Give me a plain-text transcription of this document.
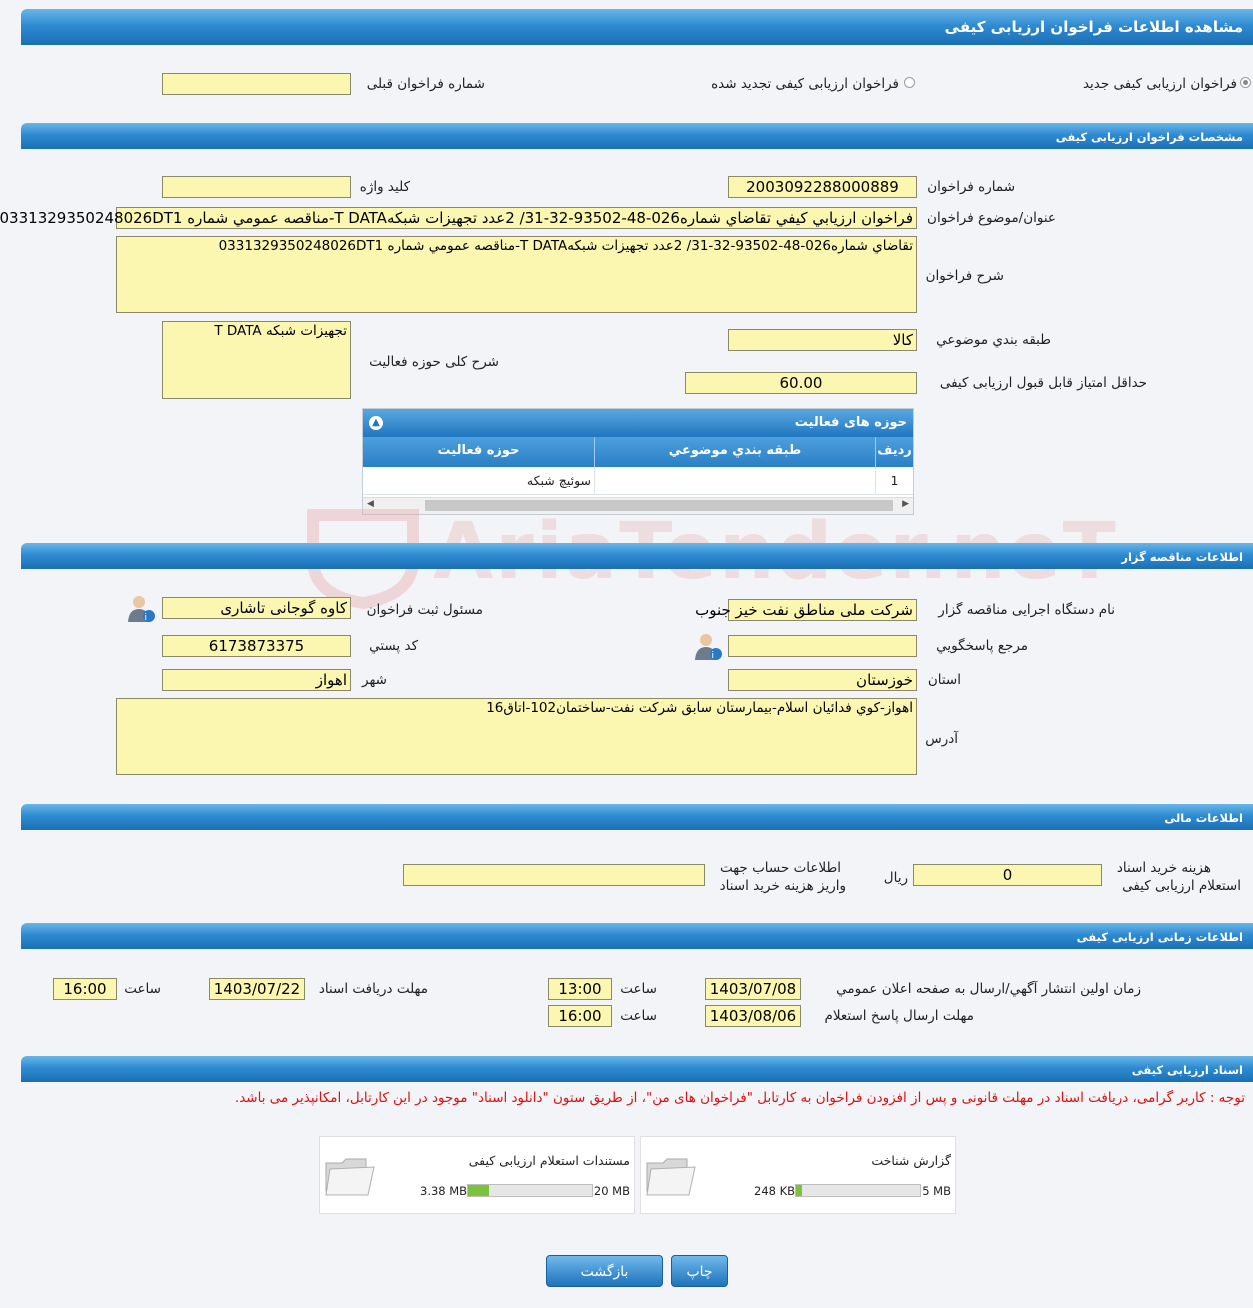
مشاهده اطلاعات فراخوان ارزیابی کیفی
فراخوان ارزیابی کیفی جدید
فراخوان ارزیابی کیفی تجدید شده
شماره فراخوان قبلی
مشخصات فراخوان ارزیابی کیفی
شماره فراخوان
2003092288000889
کلید واژه
عنوان/موضوع فراخوان
فراخوان ارزيابي كيفي تقاضاي شماره026-48-93502-32-31/ 2عدد تجهيزات شبكهT DATA-مناقصه عمومي شماره 0331329350248026DT1
شرح فراخوان
تقاضاي شماره026-48-93502-32-31/ 2عدد تجهيزات شبكهT DATA-مناقصه عمومي شماره 0331329350248026DT1
طبقه بندي موضوعي
کالا
شرح کلی حوزه فعالیت
تجهیزات شبکه T DATA
حداقل امتیاز قابل قبول ارزیابی کیفی
60.00
حوزه های فعالیت
▲
رديف
طبقه بندي موضوعي
حوزه فعاليت
1
سوئیچ شبکه
◀	▶
اطلاعات مناقصه گزار
نام دستگاه اجرایی مناقصه گزار
شرکت ملی مناطق نفت خیز جنوب
مسئول ثبت فراخوان
کاوه گوجانی تاشاری
i
مرجع پاسخگويي
i
کد پستي
6173873375
استان
خوزستان
شهر
اهواز
آدرس
اهواز-كوي فدائيان اسلام-بيمارستان سابق شركت نفت-ساختمان102-اتاق16
اطلاعات مالی
هزینه خرید اسناد
استعلام ارزیابی کیفی
0
ریال
اطلاعات حساب جهت
واریز هزینه خرید اسناد
اطلاعات زمانی ارزیابی کیفی
زمان اولین انتشار آگهي/ارسال به صفحه اعلان عمومي
1403/07/08
ساعت
13:00
مهلت دریافت اسناد
1403/07/22
ساعت
16:00
مهلت ارسال پاسخ استعلام
1403/08/06
ساعت
16:00
اسناد ارزیابی کیفی
توجه : کاربر گرامی، دریافت اسناد در مهلت قانونی و پس از افزودن فراخوان به کارتابل "فراخوان های من"، از طریق ستون "دانلود اسناد" موجود در این کارتابل، امکانپذیر می باشد.
گزارش شناخت
5 MB
248 KB
مستندات استعلام ارزیابی کیفی
20 MB
3.38 MB
چاپ
بازگشت
